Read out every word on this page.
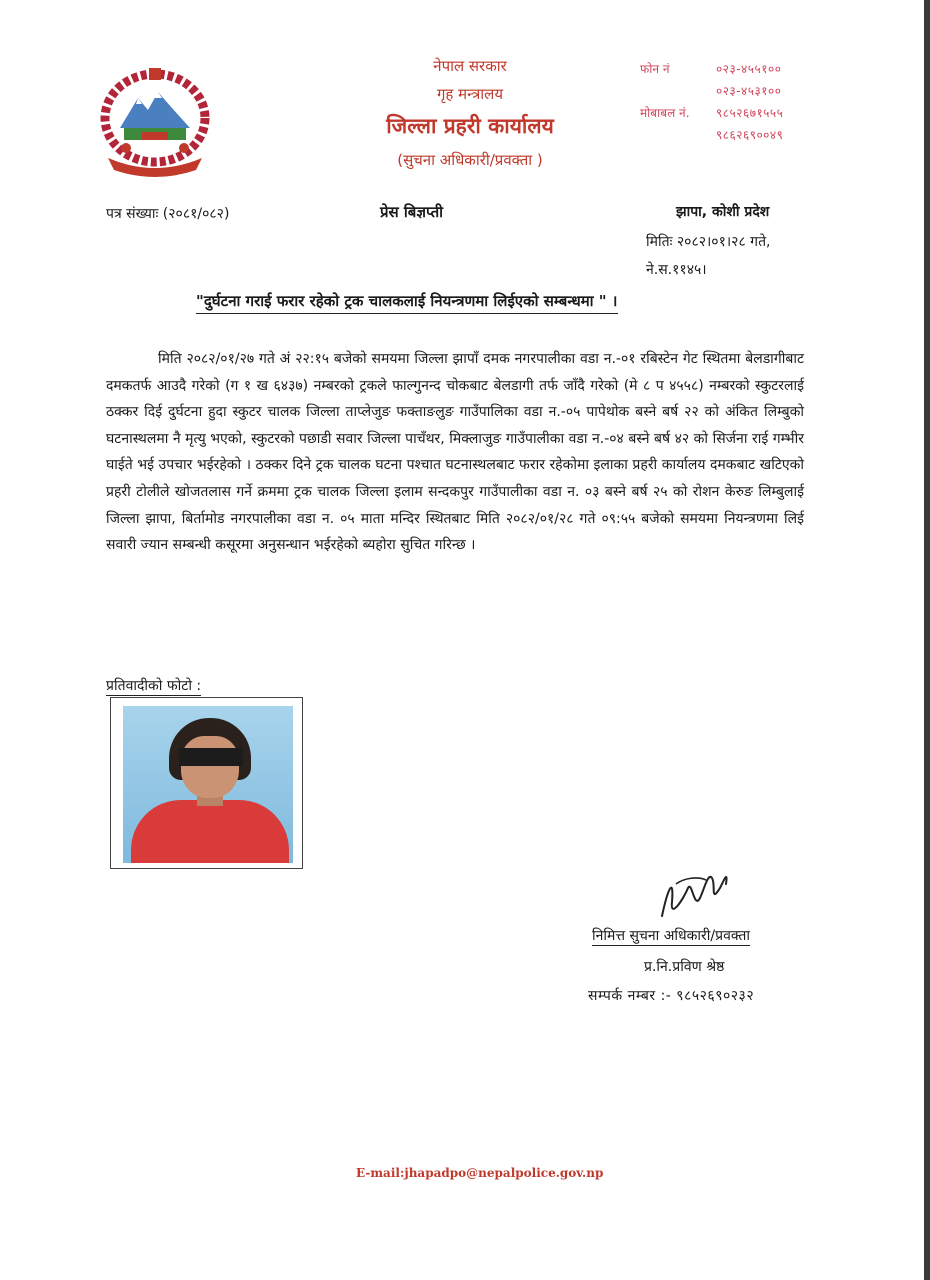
नेपाल सरकार
गृह मन्त्रालय
जिल्ला प्रहरी कार्यालय
(सुचना अधिकारी/प्रवक्ता )
फोन नं	०२३-४५५१००
०२३-४५३१००
मोबाबल नं.	९८५२६७१५५५
९८६२६९००४९
पत्र संख्याः (२०८१/०८२)	प्रेस बिज्ञप्ती	झापा, कोशी प्रदेश
मितिः २०८२।०१।२८ गते,
ने.स.११४५।
"दुर्घटना गराई फरार रहेको ट्रक चालकलाई नियन्त्रणमा लिईएको सम्बन्धमा " ।
मिति २०८२/०१/२७ गते अं २२:१५ बजेको समयमा जिल्ला झापाँ दमक नगरपालीका वडा न.-०१ रबिस्टेन गेट स्थितमा बेलडागीबाट दमकतर्फ आउदै गरेको (ग १ ख ६४३७) नम्बरको ट्रकले फाल्गुनन्द चोकबाट बेलडागी तर्फ जाँदै गरेको (मे ८ प ४५५८) नम्बरको स्कुटरलाई ठक्कर दिई दुर्घटना हुदा स्कुटर चालक जिल्ला ताप्लेजुङ फक्ताङलुङ गाउँपालिका वडा न.-०५ पापेथोक बस्ने बर्ष २२ को अंकित लिम्बुको घटनास्थलमा नै मृत्यु भएको, स्कुटरको पछाडी सवार जिल्ला पाचँथर, मिक्लाजुङ गाउँपालीका वडा न.-०४ बस्ने बर्ष ४२ को सिर्जना राई गम्भीर घाईते भई उपचार भईरहेको । ठक्कर दिने ट्रक चालक घटना पश्चात घटनास्थलबाट फरार रहेकोमा इलाका प्रहरी कार्यालय दमकबाट खटिएको प्रहरी टोलीले खोजतलास गर्ने क्रममा ट्रक चालक जिल्ला इलाम सन्दकपुर गाउँपालीका वडा न. ०३ बस्ने बर्ष २५ को रोशन केरुङ लिम्बुलाई जिल्ला झापा, बिर्तामोड नगरपालीका वडा न. ०५ माता मन्दिर स्थितबाट मिति २०८२/०१/२८ गते ०९:५५ बजेको समयमा नियन्त्रणमा लिई सवारी ज्यान सम्बन्धी कसूरमा अनुसन्धान भईरहेको ब्यहोरा सुचित गरिन्छ ।
प्रतिवादीको फोटो :
निमित्त सुचना अधिकारी/प्रवक्ता
प्र.नि.प्रविण श्रेष्ठ
सम्पर्क नम्बर :- ९८५२६९०२३२
E-mail:jhapadpo@nepalpolice.gov.np
